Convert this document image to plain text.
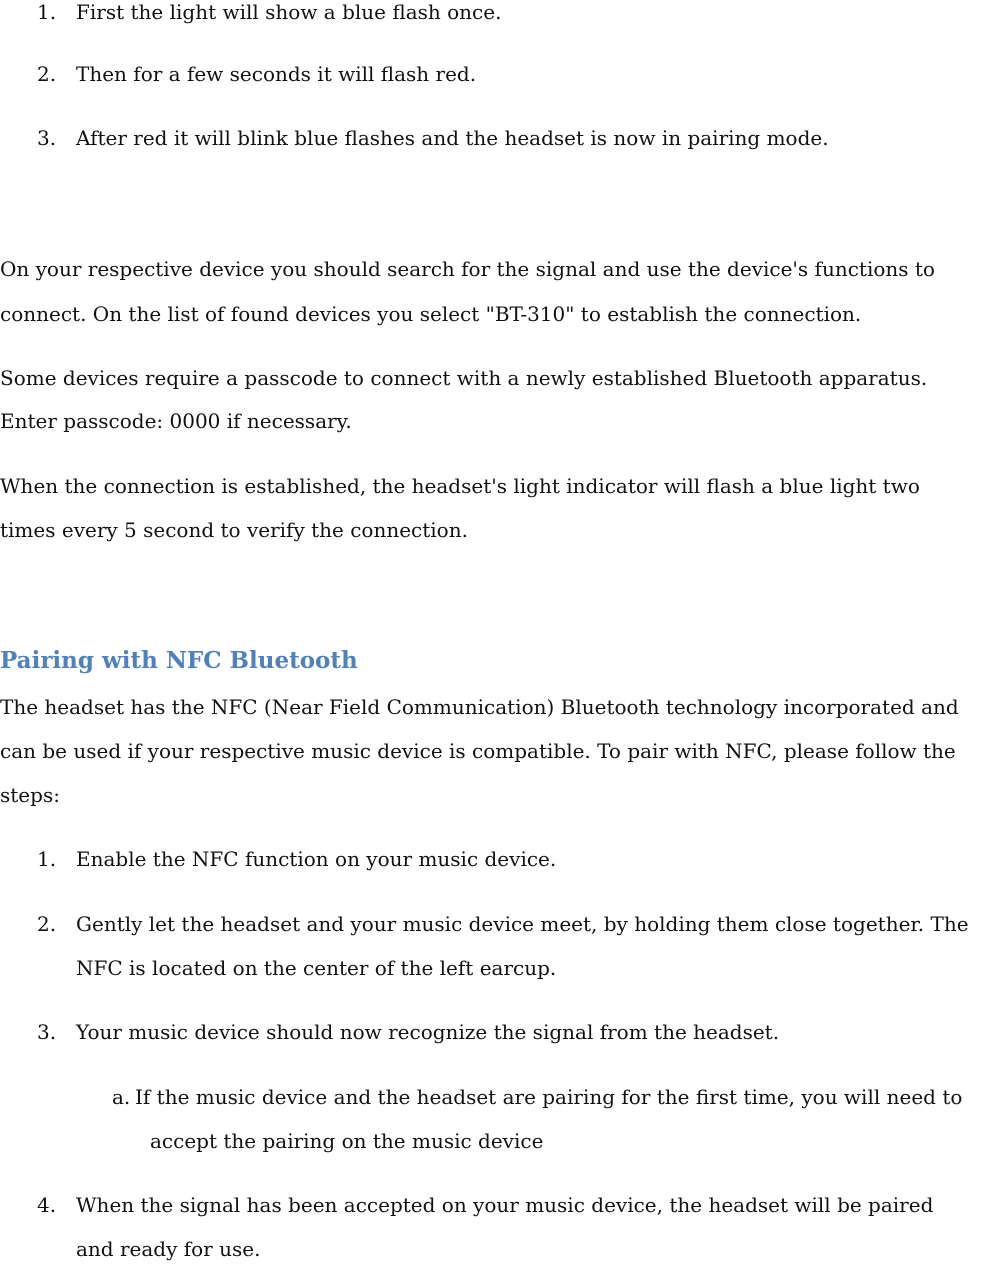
1. First the light will show a blue flash once.
2. Then for a few seconds it will flash red.
3. After red it will blink blue flashes and the headset is now in pairing mode.
On your respective device you should search for the signal and use the device's functions to
connect. On the list of found devices you select "BT-310" to establish the connection.
Some devices require a passcode to connect with a newly established Bluetooth apparatus.
Enter passcode: 0000 if necessary.
When the connection is established, the headset's light indicator will flash a blue light two
times every 5 second to verify the connection.
Pairing with NFC Bluetooth
The headset has the NFC (Near Field Communication) Bluetooth technology incorporated and
can be used if your respective music device is compatible. To pair with NFC, please follow the
steps:
1. Enable the NFC function on your music device.
2. Gently let the headset and your music device meet, by holding them close together. The
NFC is located on the center of the left earcup.
3. Your music device should now recognize the signal from the headset.
a. If the music device and the headset are pairing for the first time, you will need to
accept the pairing on the music device
4. When the signal has been accepted on your music device, the headset will be paired
and ready for use.
